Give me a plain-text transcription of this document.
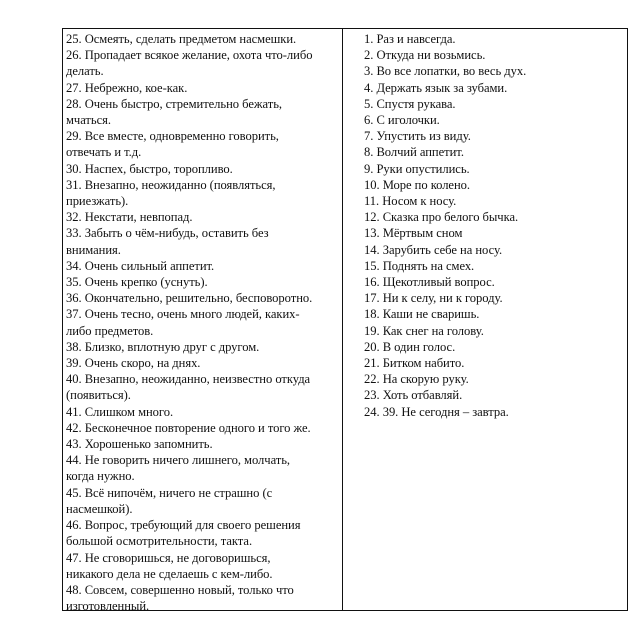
25. Осмеять, сделать предметом насмешки.
26. Пропадает всякое желание, охота что-либо
делать.
27. Небрежно, кое-как.
28. Очень быстро, стремительно бежать,
мчаться.
29. Все вместе, одновременно говорить,
отвечать и т.д.
30. Наспех, быстро, торопливо.
31. Внезапно, неожиданно (появляться,
приезжать).
32. Некстати, невпопад.
33. Забыть о чём-нибудь, оставить без
внимания.
34. Очень сильный аппетит.
35. Очень крепко (уснуть).
36. Окончательно, решительно, бесповоротно.
37. Очень тесно, очень много людей, каких-
либо предметов.
38. Близко, вплотную друг с другом.
39. Очень скоро, на днях.
40. Внезапно, неожиданно, неизвестно откуда
(появиться).
41. Слишком много.
42. Бесконечное повторение одного и того же.
43. Хорошенько запомнить.
44. Не говорить ничего лишнего, молчать,
когда нужно.
45. Всё нипочём, ничего не страшно (с
насмешкой).
46. Вопрос, требующий для своего решения
большой осмотрительности, такта.
47. Не сговоришься, не договоришься,
никакого дела не сделаешь с кем-либо.
48. Совсем, совершенно новый, только что
изготовленный.
1. Раз и навсегда.
2. Откуда ни возьмись.
3. Во все лопатки, во весь дух.
4. Держать язык за зубами.
5. Спустя рукава.
6. С иголочки.
7. Упустить из виду.
8. Волчий аппетит.
9. Руки опустились.
10. Море по колено.
11. Носом к носу.
12. Сказка про белого бычка.
13. Мёртвым сном
14. Зарубить себе на носу.
15. Поднять на смех.
16. Щекотливый вопрос.
17. Ни к селу, ни к городу.
18. Каши не сваришь.
19. Как снег на голову.
20. В один голос.
21. Битком набито.
22. На скорую руку.
23. Хоть отбавляй.
24. 39. Не сегодня – завтра.
